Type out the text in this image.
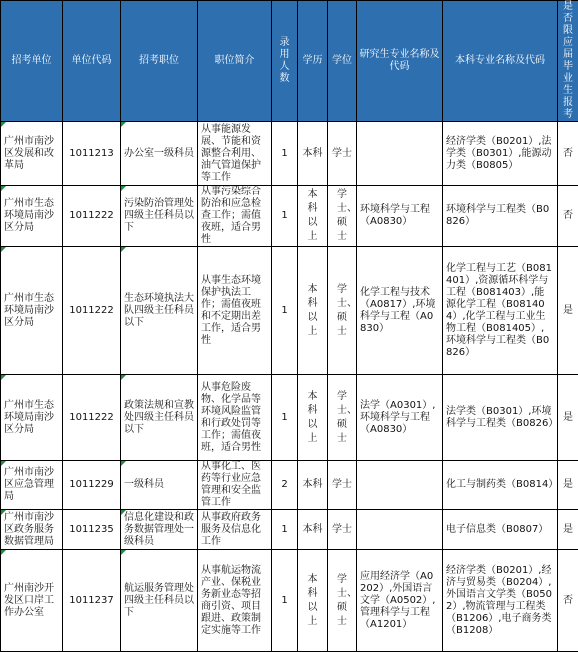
招考单位	单位代码	招考职位	职位简介	录用人数	学历	学位	研究生专业名称及代码	本科专业名称及代码	是否限应届毕业生报考
广州市南沙区发展和改革局	1011213	办公室一级科员	从事能源发展、节能和资源整合利用、油气管道保护等工作	1	本科	学士		经济学类（B0201）,法学类（B0301）,能源动力类（B0805）	否
广州市生态环境局南沙区分局	1011222	污染防治管理处四级主任科员以下	从事污染综合防治和应急检查工作；需值夜班，适合男性	1	本科以上	学士、硕士	环境科学与工程（A0830）	环境科学与工程类（B0826）	否
广州市生态环境局南沙区分局	1011222	生态环境执法大队四级主任科员以下	从事生态环境保护执法工作；需值夜班和不定期出差工作，适合男性	1	本科以上	学士、硕士	化学工程与技术（A0817）,环境科学与工程（A0830）	化学工程与工艺（B081401）,资源循环科学与工程（B081403）,能源化学工程（B081404）,化学工程与工业生物工程（B081405）,环境科学与工程类（B0826）	是
广州市生态环境局南沙区分局	1011222	政策法规和宣教处四级主任科员以下	从事危险废物、化学品等环境风险监管和行政处罚等工作；需值夜班，适合男性	1	本科以上	学士、硕士	法学（A0301）,环境科学与工程（A0830）	法学类（B0301）,环境科学与工程类（B0826）	是
广州市南沙区应急管理局	1011229	一级科员	从事化工、医药等行业应急管理和安全监管工作	2	本科	学士		化工与制药类（B0814）	是
广州市南沙区政务服务数据管理局	1011235	信息化建设和政务数据管理处一级科员	从事政府政务服务及信息化工作	1	本科	学士		电子信息类（B0807）	是
广州南沙开发区口岸工作办公室	1011237	航运服务管理处四级主任科员以下	从事航运物流产业、保税业务新业态等招商引资、项目跟进、政策制定实施等工作	1	本科以上	学士、硕士	应用经济学（A0202）,外国语言文学（A0502）,管理科学与工程（A1201）	经济学类（B0201）,经济与贸易类（B0204）,外国语言文学类（B0502）,物流管理与工程类（B1206）,电子商务类（B1208）	否
